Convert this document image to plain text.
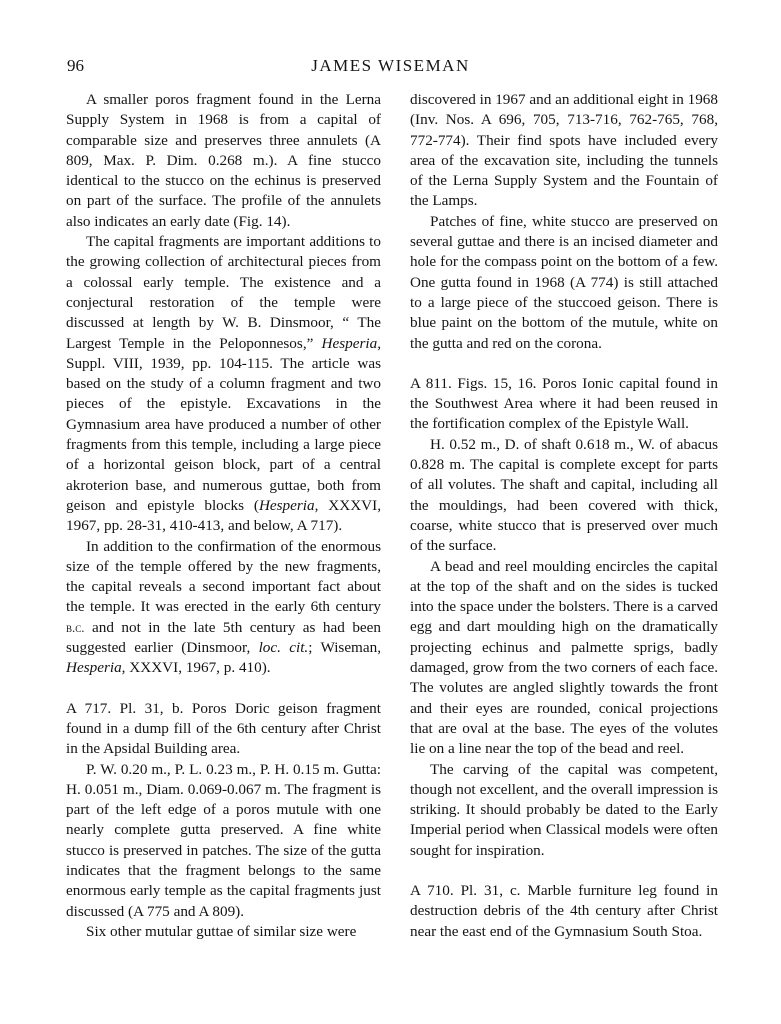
96	JAMES WISEMAN

A smaller poros fragment found in the Lerna Supply System in 1968 is from a capital of comparable size and preserves three annulets (A 809, Max. P. Dim. 0.268 m.). A fine stucco identical to the stucco on the echinus is preserved on part of the surface. The profile of the annulets also indicates an early date (Fig. 14).

The capital fragments are important additions to the growing collection of architectural pieces from a colossal early temple. The existence and a conjectural restoration of the temple were discussed at length by W. B. Dinsmoor, “ The Largest Temple in the Peloponnesos,” Hesperia, Suppl. VIII, 1939, pp. 104-115. The article was based on the study of a column fragment and two pieces of the epistyle. Excavations in the Gymnasium area have produced a number of other fragments from this temple, including a large piece of a horizontal geison block, part of a central akroterion base, and numerous guttae, both from geison and epistyle blocks (Hesperia, XXXVI, 1967, pp. 28-31, 410-413, and below, A 717).

In addition to the confirmation of the enormous size of the temple offered by the new fragments, the capital reveals a second important fact about the temple. It was erected in the early 6th century b.c. and not in the late 5th century as had been suggested earlier (Dinsmoor, loc. cit.; Wiseman, Hesperia, XXXVI, 1967, p. 410).

A 717. Pl. 31, b. Poros Doric geison fragment found in a dump fill of the 6th century after Christ in the Apsidal Building area.

P. W. 0.20 m., P. L. 0.23 m., P. H. 0.15 m. Gutta: H. 0.051 m., Diam. 0.069-0.067 m. The fragment is part of the left edge of a poros mutule with one nearly complete gutta preserved. A fine white stucco is preserved in patches. The size of the gutta indicates that the fragment belongs to the same enormous early temple as the capital fragments just discussed (A 775 and A 809).

Six other mutular guttae of similar size were

discovered in 1967 and an additional eight in 1968 (Inv. Nos. A 696, 705, 713-716, 762-765, 768, 772-774). Their find spots have included every area of the excavation site, including the tunnels of the Lerna Supply System and the Fountain of the Lamps.

Patches of fine, white stucco are preserved on several guttae and there is an incised diameter and hole for the compass point on the bottom of a few. One gutta found in 1968 (A 774) is still attached to a large piece of the stuccoed geison. There is blue paint on the bottom of the mutule, white on the gutta and red on the corona.

A 811. Figs. 15, 16. Poros Ionic capital found in the Southwest Area where it had been reused in the fortification complex of the Epistyle Wall.

H. 0.52 m., D. of shaft 0.618 m., W. of abacus 0.828 m. The capital is complete except for parts of all volutes. The shaft and capital, including all the mouldings, had been covered with thick, coarse, white stucco that is preserved over much of the surface.

A bead and reel moulding encircles the capital at the top of the shaft and on the sides is tucked into the space under the bolsters. There is a carved egg and dart moulding high on the dramatically projecting echinus and palmette sprigs, badly damaged, grow from the two corners of each face. The volutes are angled slightly towards the front and their eyes are rounded, conical projections that are oval at the base. The eyes of the volutes lie on a line near the top of the bead and reel.

The carving of the capital was competent, though not excellent, and the overall impression is striking. It should probably be dated to the Early Imperial period when Classical models were often sought for inspiration.

A 710. Pl. 31, c. Marble furniture leg found in destruction debris of the 4th century after Christ near the east end of the Gymnasium South Stoa.
